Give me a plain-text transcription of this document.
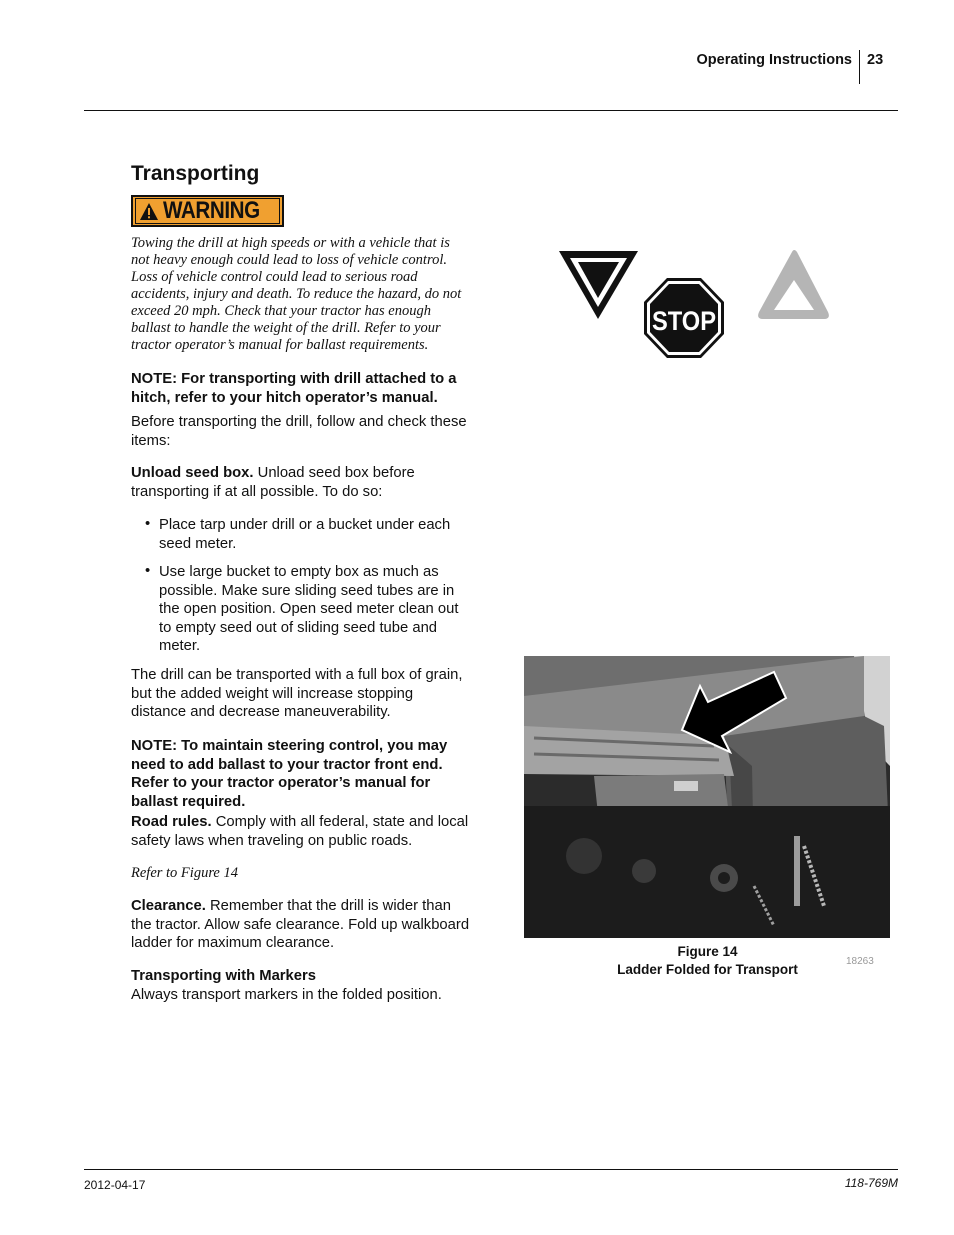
Operating Instructions 23
Transporting
WARNING
Towing the drill at high speeds or with a vehicle that is not heavy enough could lead to loss of vehicle control. Loss of vehicle control could lead to serious road accidents, injury and death. To reduce the hazard, do not exceed 20 mph. Check that your tractor has enough ballast to handle the weight of the drill. Refer to your tractor operator’s manual for ballast requirements.
NOTE: For transporting with drill attached to a hitch, refer to your hitch operator’s manual.
Before transporting the drill, follow and check these items:
Unload seed box. Unload seed box before transporting if at all possible. To do so:
• Place tarp under drill or a bucket under each seed meter.
• Use large bucket to empty box as much as possible. Make sure sliding seed tubes are in the open position. Open seed meter clean out to empty seed out of sliding seed tube and meter.
The drill can be transported with a full box of grain, but the added weight will increase stopping distance and decrease maneuverability.
NOTE: To maintain steering control, you may need to add ballast to your tractor front end. Refer to your tractor operator’s manual for ballast required.
Road rules. Comply with all federal, state and local safety laws when traveling on public roads.
Refer to Figure 14
Clearance. Remember that the drill is wider than the tractor. Allow safe clearance. Fold up walkboard ladder for maximum clearance.
Transporting with Markers
Always transport markers in the folded position.
STOP
Figure 14
Ladder Folded for Transport
18263
2012-04-17	118-769M
